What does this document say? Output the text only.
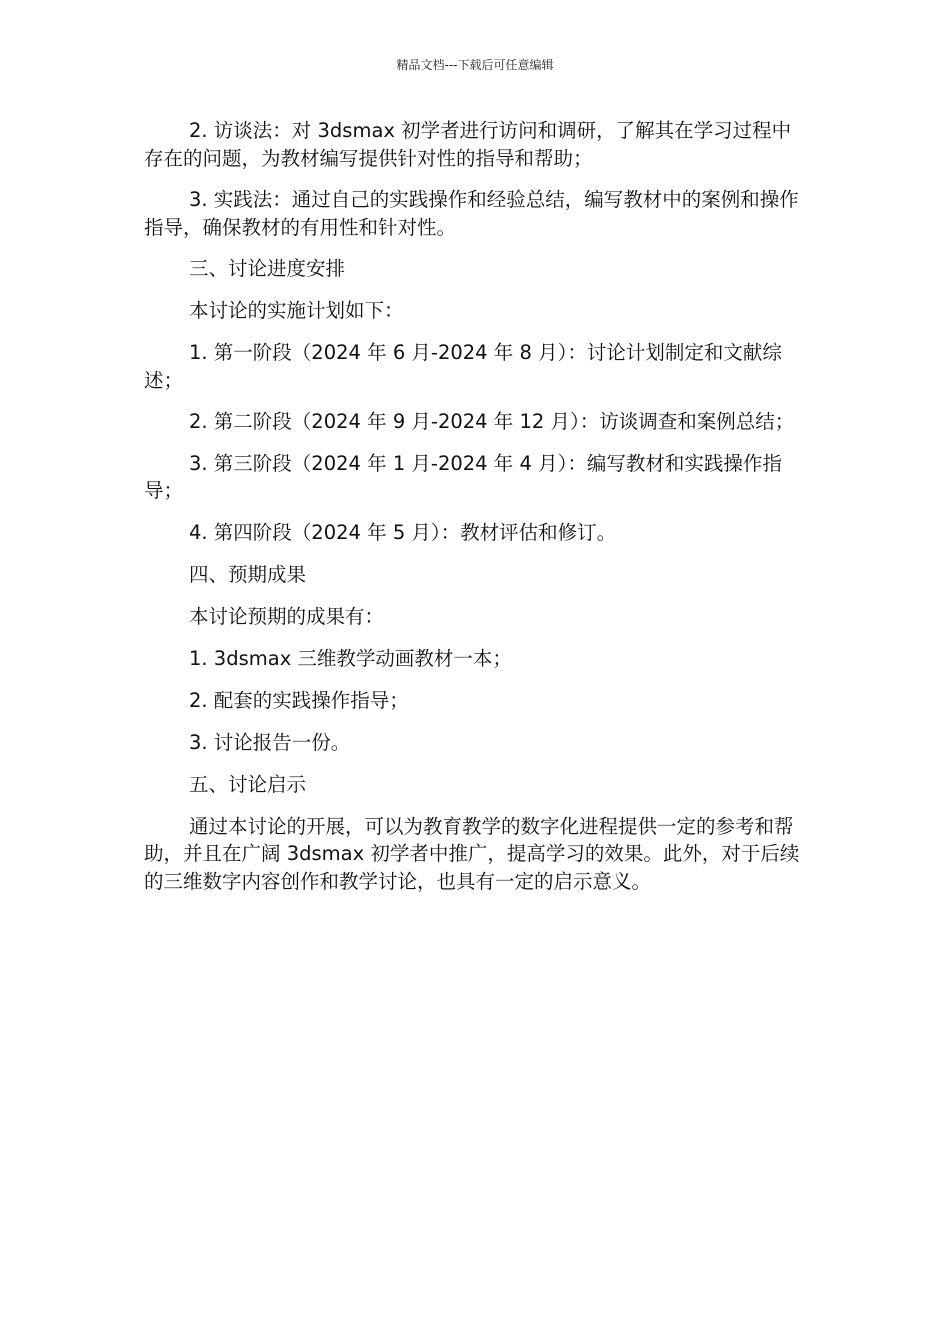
精品文档---下载后可任意编辑

2. 访谈法：对 3dsmax 初学者进行访问和调研，了解其在学习过程中存在的问题，为教材编写提供针对性的指导和帮助；

3. 实践法：通过自己的实践操作和经验总结，编写教材中的案例和操作指导，确保教材的有用性和针对性。

三、讨论进度安排

本讨论的实施计划如下：

1. 第一阶段（2024 年 6 月-2024 年 8 月）：讨论计划制定和文献综述；

2. 第二阶段（2024 年 9 月-2024 年 12 月）：访谈调查和案例总结；

3. 第三阶段（2024 年 1 月-2024 年 4 月）：编写教材和实践操作指导；

4. 第四阶段（2024 年 5 月）：教材评估和修订。

四、预期成果

本讨论预期的成果有：

1. 3dsmax 三维教学动画教材一本；

2. 配套的实践操作指导；

3. 讨论报告一份。

五、讨论启示

通过本讨论的开展，可以为教育教学的数字化进程提供一定的参考和帮助，并且在广阔 3dsmax 初学者中推广，提高学习的效果。此外，对于后续的三维数字内容创作和教学讨论，也具有一定的启示意义。
